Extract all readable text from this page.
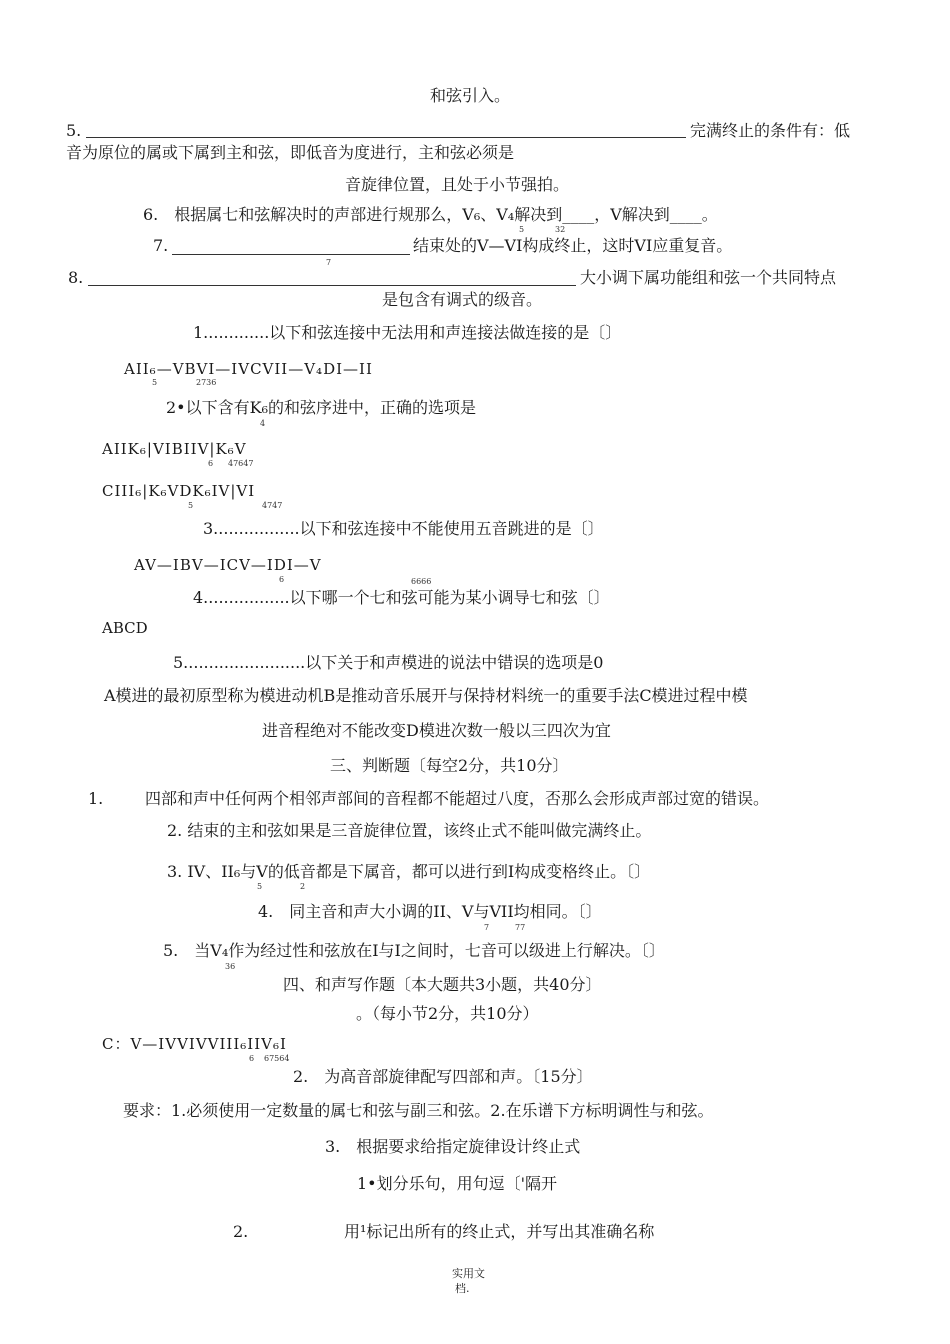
和弦引入。
5.	完满终止的条件有：低
音为原位的属或下属到主和弦，即低音为度进行，主和弦必须是
音旋律位置，且处于小节强拍。
6.　根据属七和弦解决时的声部进行规那么，V₆、V₄解决到____，V解决到____。
5	32
7.	结束处的V—VI构成终止，这时VI应重复音。
7
8.	大小调下属功能组和弦一个共同特点
是包含有调式的级音。
1.............以下和弦连接中无法用和声连接法做连接的是〔〕
AII₆—VBVI—IVCVII—V₄DI—II
5	2736
2•以下含有K₆的和弦序进中，正确的选项是
4
AIIK₆|VIBIIV|K₆V
6 47647
CIII₆|K₆VDK₆IV|VI
5	4747
3.................以下和弦连接中不能使用五音跳进的是〔〕
AV—IBV—ICV—IDI—V
6	6666
4.................以下哪一个七和弦可能为某小调导七和弦〔〕
ABCD
5........................以下关于和声模进的说法中错误的选项是0
A模进的最初原型称为模进动机B是推动音乐展开与保持材料统一的重要手法C模进过程中模
进音程绝对不能改变D模进次数一般以三四次为宜
三、判断题〔每空2分，共10分〕
1.	四部和声中任何两个相邻声部间的音程都不能超过八度，否那么会形成声部过宽的错误。
2. 结束的主和弦如果是三音旋律位置，该终止式不能叫做完满终止。
3. IV、II₆与V的低音都是下属音，都可以进行到I构成变格终止。〔〕
5	2
4.　同主音和声大小调的II、V与VII均相同。〔〕
7	77
5.　当V₄作为经过性和弦放在I与I之间时，七音可以级进上行解决。〔〕
36
四、和声写作题〔本大题共3小题，共40分〕
。（每小节2分，共10分）
C：V—IVVIVVIII₆IIV₆I
6 67564
2.　为高音部旋律配写四部和声。〔15分〕
要求：1.必须使用一定数量的属七和弦与副三和弦。2.在乐谱下方标明调性与和弦。
3.　根据要求给指定旋律设计终止式
1•划分乐句，用句逗〔'隔开
2.	用¹标记出所有的终止式，并写出其准确名称
实用文
档.
